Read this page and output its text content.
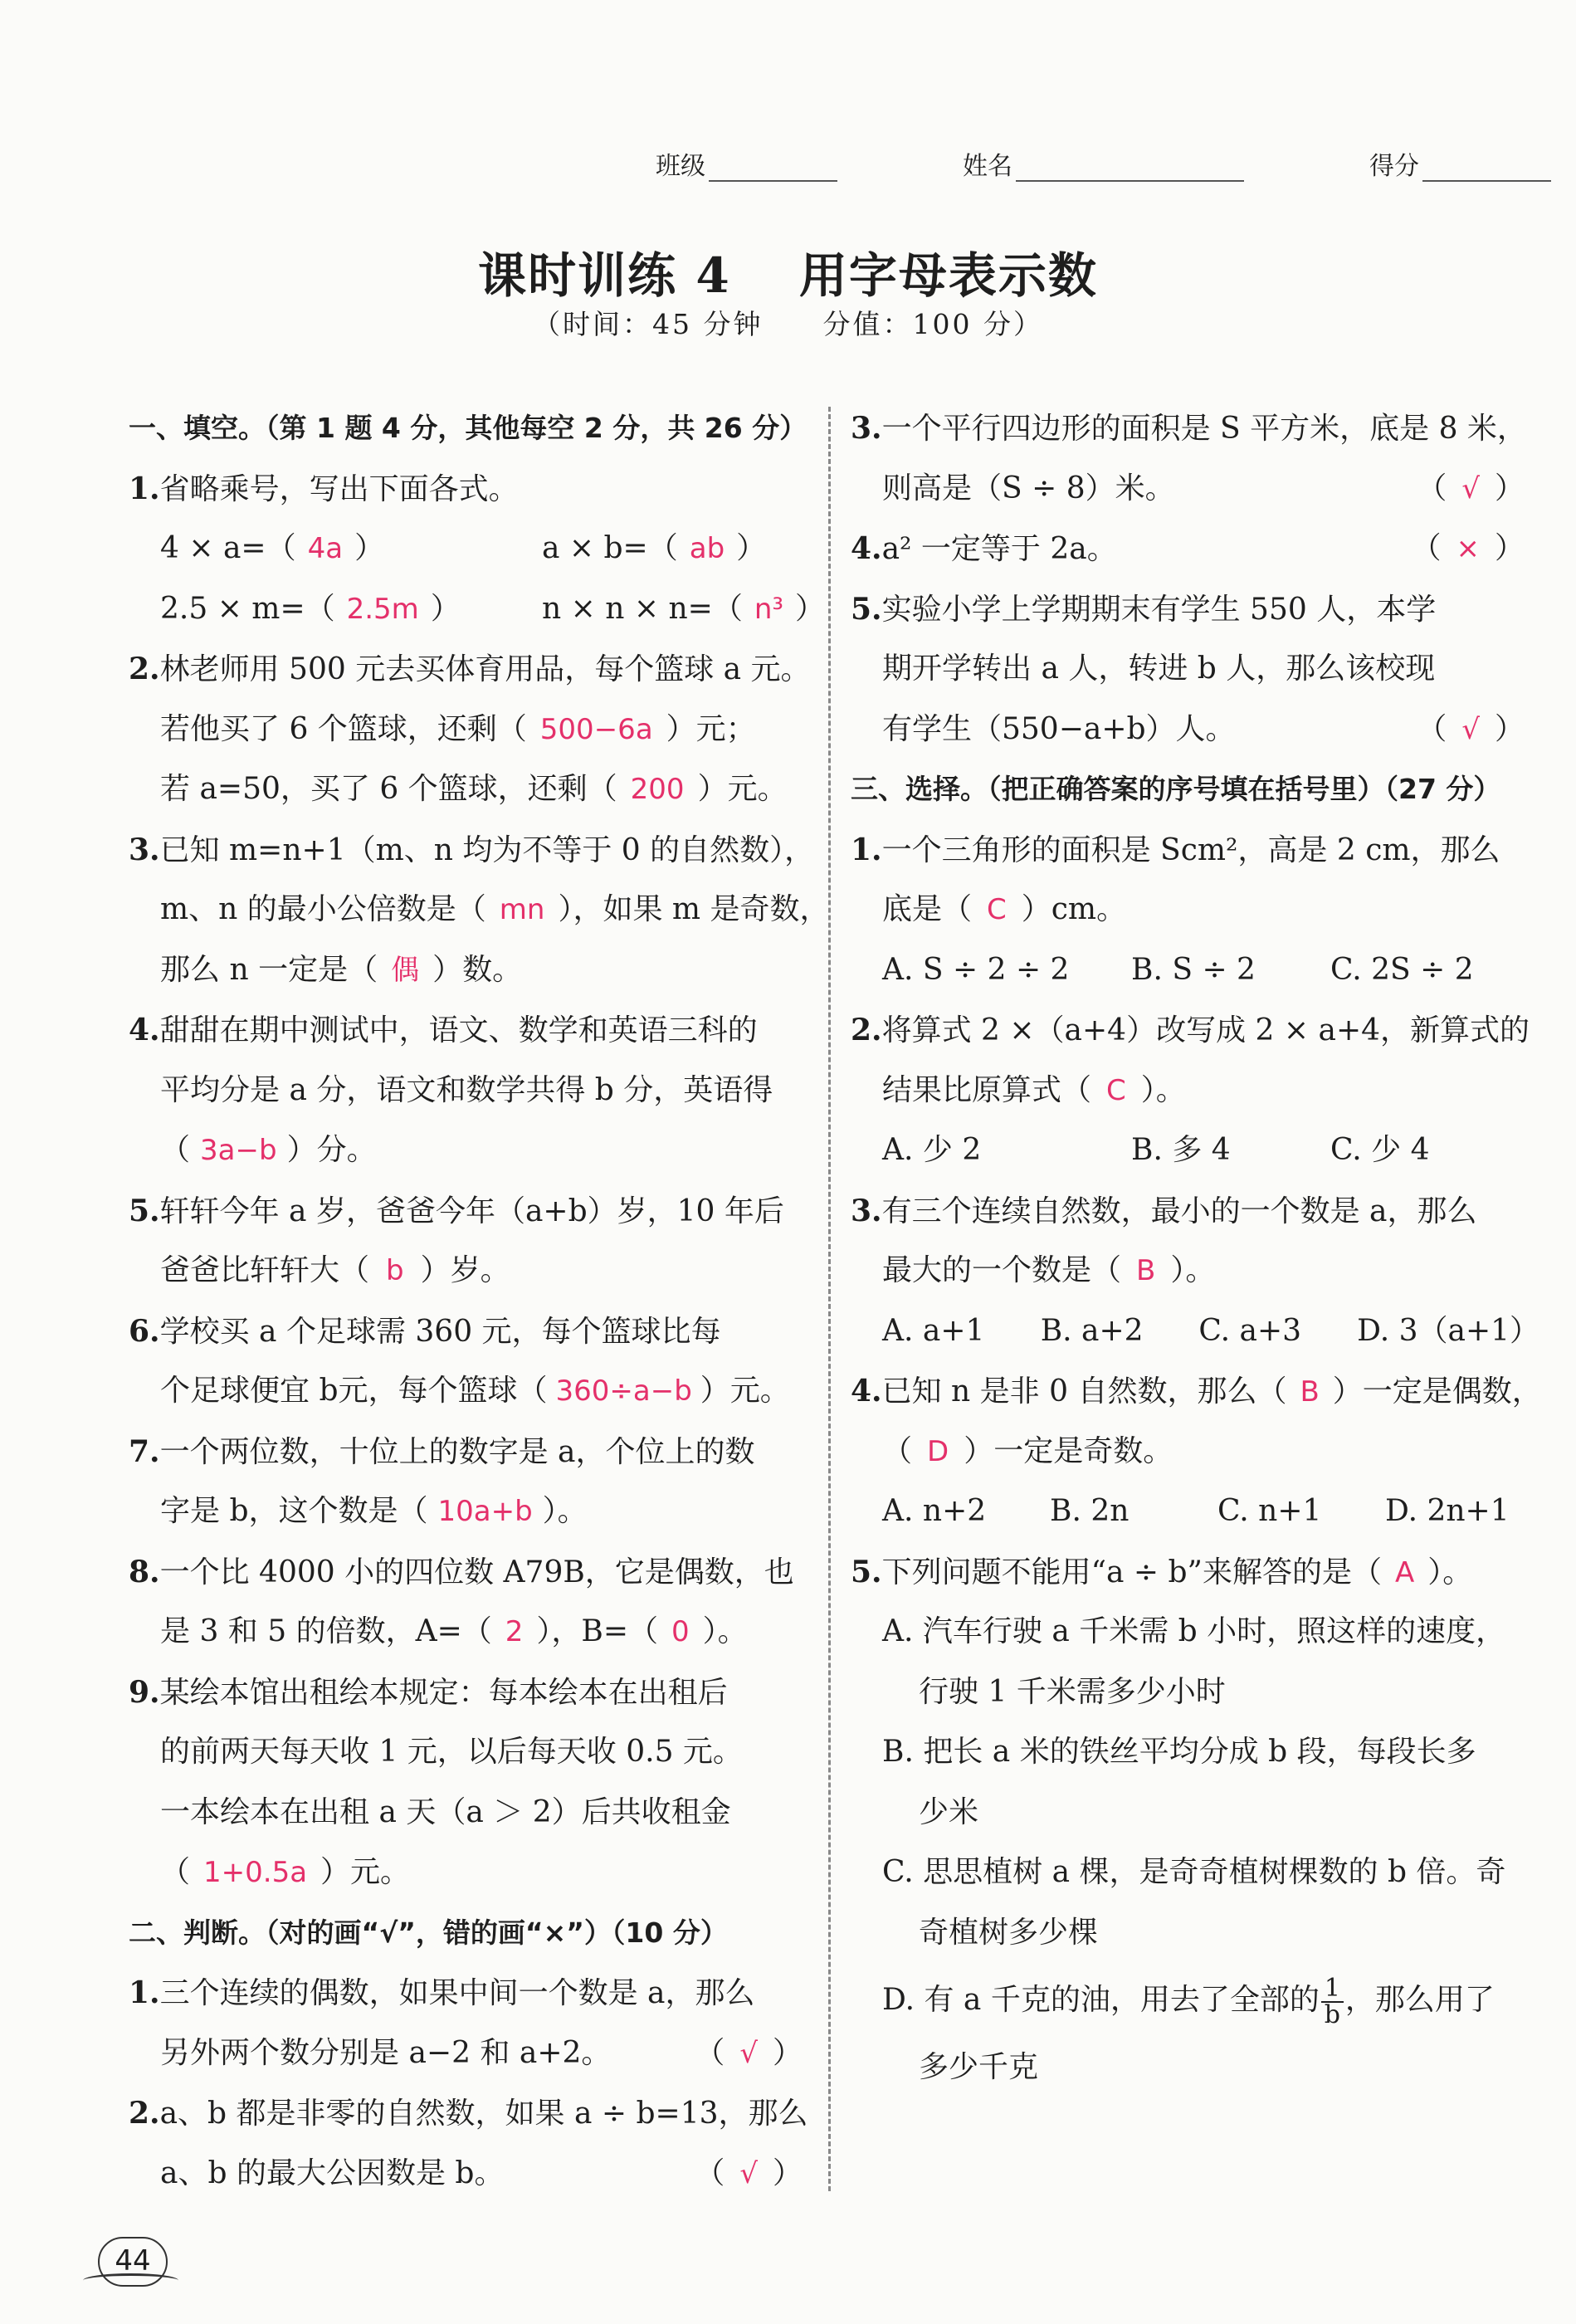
班级	姓名	得分
课时训练 4　 用字母表示数
（时间：45 分钟　　分值：100 分）
一、填空。（第 1 题 4 分，其他每空 2 分，共 26 分）
1.省略乘号，写出下面各式。
4 × a=（ 4a ）	a × b=（ ab ）
2.5 × m=（ 2.5m ）	n × n × n=（ n³ ）
2.林老师用 500 元去买体育用品，每个篮球 a 元。
若他买了 6 个篮球，还剩（ 500−6a ）元；
若 a=50，买了 6 个篮球，还剩（ 200 ）元。
3.已知 m=n+1（m、n 均为不等于 0 的自然数），
m、n 的最小公倍数是（ mn ），如果 m 是奇数，
那么 n 一定是（ 偶 ）数。
4.甜甜在期中测试中，语文、数学和英语三科的
平均分是 a 分，语文和数学共得 b 分，英语得
（ 3a−b ）分。
5.轩轩今年 a 岁，爸爸今年（a+b）岁，10 年后
爸爸比轩轩大（ b ）岁。
6.学校买 a 个足球需 360 元，每个篮球比每
个足球便宜 b元，每个篮球（ 360÷a−b ）元。
7.一个两位数，十位上的数字是 a，个位上的数
字是 b，这个数是（ 10a+b ）。
8.一个比 4000 小的四位数 A79B，它是偶数，也
是 3 和 5 的倍数，A=（ 2 ），B=（ 0 ）。
9.某绘本馆出租绘本规定：每本绘本在出租后
的前两天每天收 1 元，以后每天收 0.5 元。
一本绘本在出租 a 天（a ＞ 2）后共收租金
（ 1+0.5a ）元。
二、判断。（对的画“√”，错的画“×”）（10 分）
1.三个连续的偶数，如果中间一个数是 a，那么
另外两个数分别是 a−2 和 a+2。	（ √ ）
2.a、b 都是非零的自然数，如果 a ÷ b=13，那么
a、b 的最大公因数是 b。	（ √ ）
3.一个平行四边形的面积是 S 平方米，底是 8 米，
则高是（S ÷ 8）米。	（ √ ）
4.a² 一定等于 2a。	（ × ）
5.实验小学上学期期末有学生 550 人，本学
期开学转出 a 人，转进 b 人，那么该校现
有学生（550−a+b）人。	（ √ ）
三、选择。（把正确答案的序号填在括号里）（27 分）
1.一个三角形的面积是 Scm²，高是 2 cm，那么
底是（ C ）cm。
A. S ÷ 2 ÷ 2	B. S ÷ 2	C. 2S ÷ 2
2.将算式 2 ×（a+4）改写成 2 × a+4，新算式的
结果比原算式（ C ）。
A. 少 2	B. 多 4	C. 少 4
3.有三个连续自然数，最小的一个数是 a，那么
最大的一个数是（ B ）。
A. a+1	B. a+2	C. a+3	D. 3（a+1）
4.已知 n 是非 0 自然数，那么（ B ）一定是偶数，
（ D ）一定是奇数。
A. n+2	B. 2n	C. n+1	D. 2n+1
5.下列问题不能用“a ÷ b”来解答的是（ A ）。
A. 汽车行驶 a 千米需 b 小时，照这样的速度，
行驶 1 千米需多少小时
B. 把长 a 米的铁丝平均分成 b 段，每段长多
少米
C. 思思植树 a 棵，是奇奇植树棵数的 b 倍。奇
奇植树多少棵
D. 有 a 千克的油，用去了全部的 $\frac{1}{b}$ ，那么用了
多少千克
44
